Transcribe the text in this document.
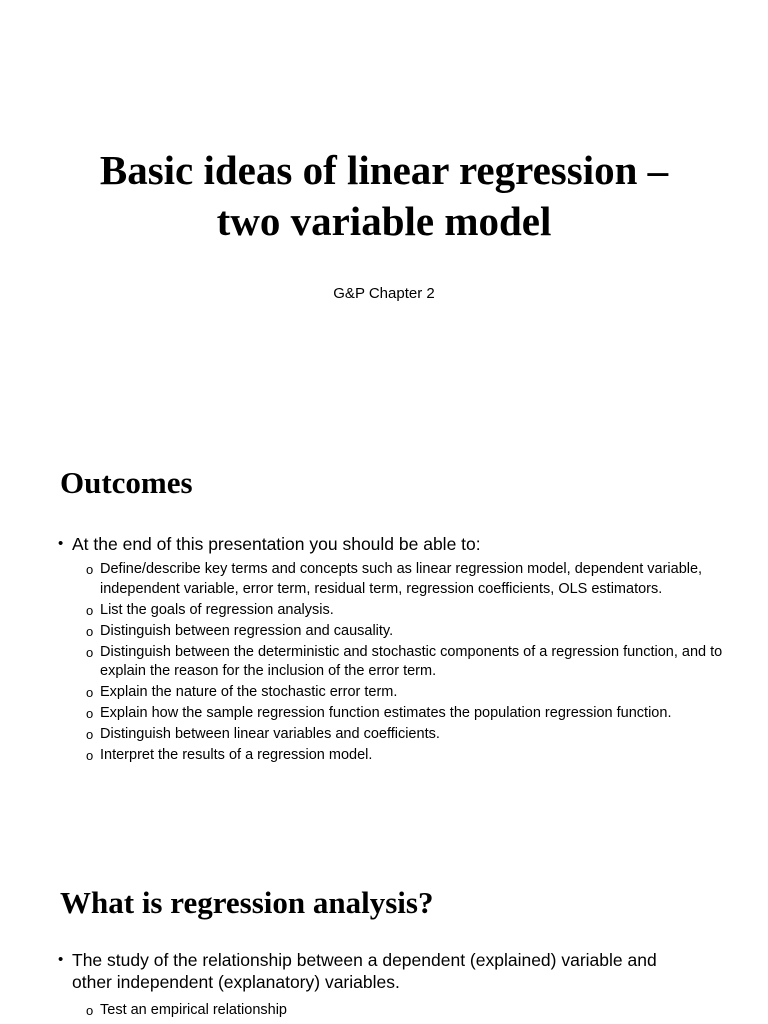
Basic ideas of linear regression –
two variable model
G&P Chapter 2
Outcomes
• At the end of this presentation you should be able to:
o Define/describe key terms and concepts such as linear regression model, dependent variable, independent variable, error term, residual term, regression coefficients, OLS estimators.
o List the goals of regression analysis.
o Distinguish between regression and causality.
o Distinguish between the deterministic and stochastic components of a regression function, and to explain the reason for the inclusion of the error term.
o Explain the nature of the stochastic error term.
o Explain how the sample regression function estimates the population regression function.
o Distinguish between linear variables and coefficients.
o Interpret the results of a regression model.
What is regression analysis?
• The study of the relationship between a dependent (explained) variable and other independent (explanatory) variables.
o Test an empirical relationship
